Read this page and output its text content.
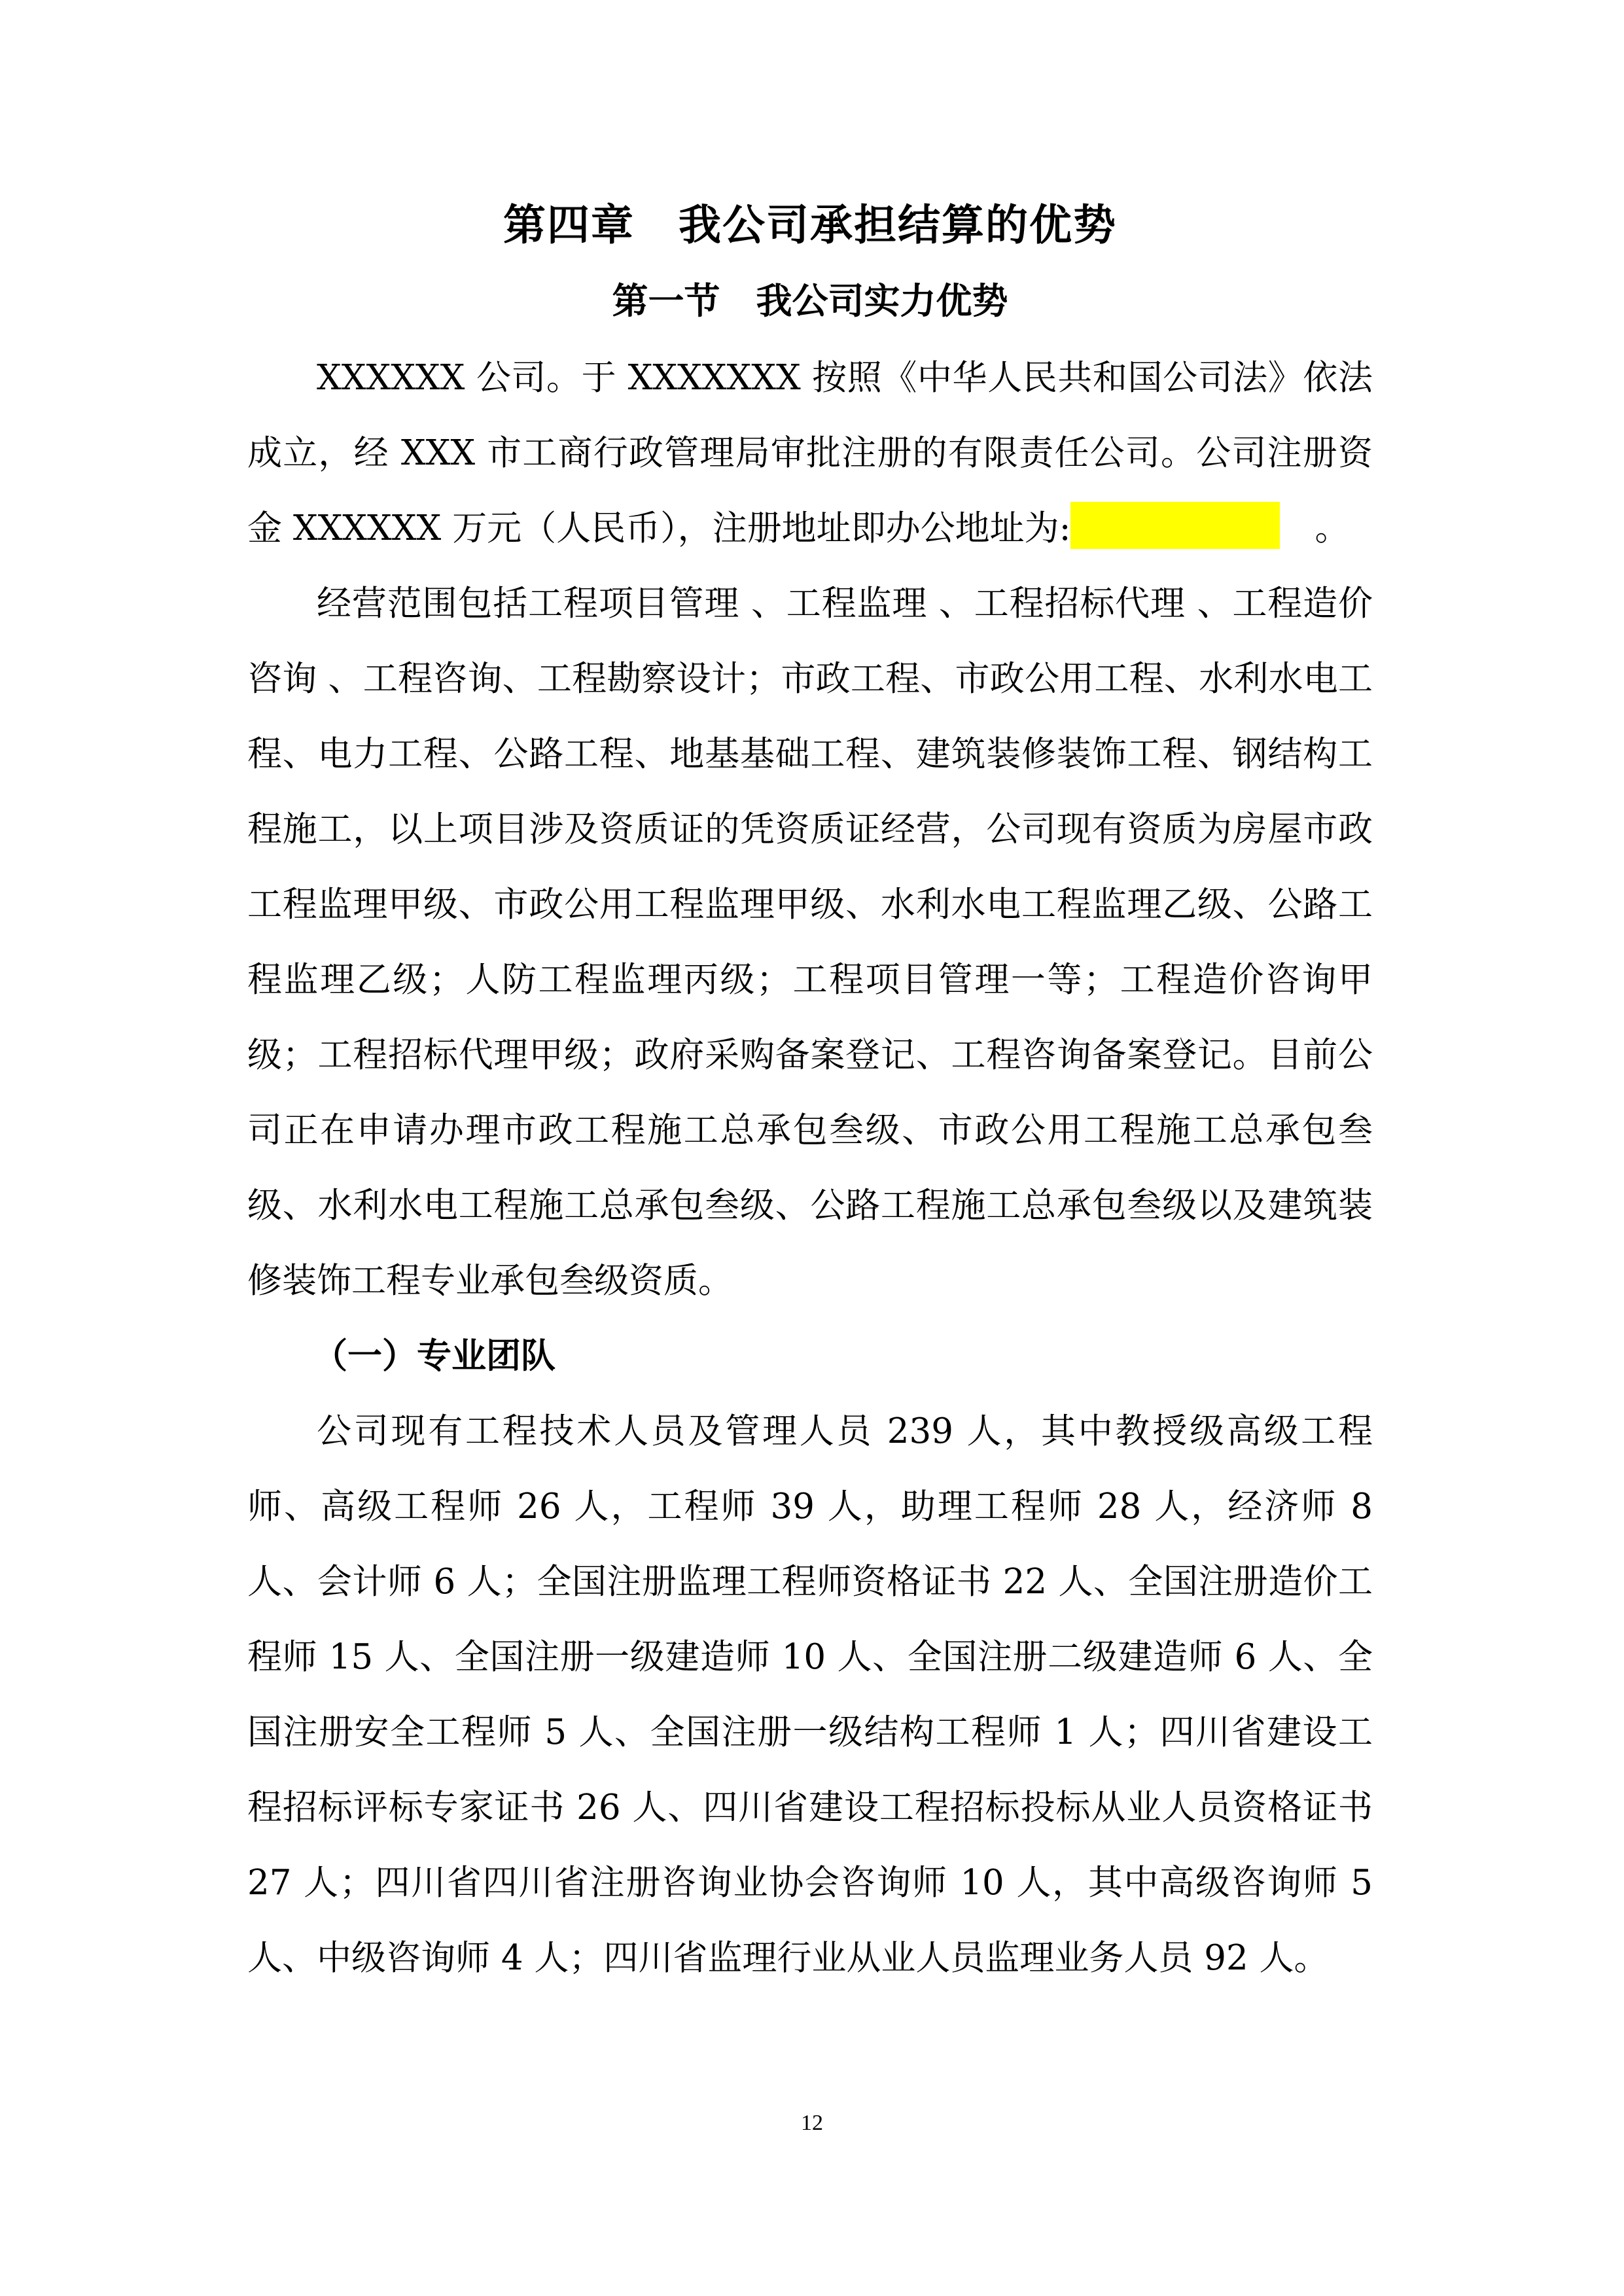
第四章　我公司承担结算的优势
第一节　我公司实力优势

XXXXXX 公司。于 XXXXXXX 按照《中华人民共和国公司法》依法成立，经 XXX 市工商行政管理局审批注册的有限责任公司。公司注册资金 XXXXXX 万元（人民币），注册地址即办公地址为: 	。

经营范围包括工程项目管理 、工程监理 、工程招标代理 、工程造价咨询 、工程咨询、工程勘察设计；市政工程、市政公用工程、水利水电工程、电力工程、公路工程、地基基础工程、建筑装修装饰工程、钢结构工程施工，以上项目涉及资质证的凭资质证经营，公司现有资质为房屋市政工程监理甲级、市政公用工程监理甲级、水利水电工程监理乙级、公路工程监理乙级；人防工程监理丙级；工程项目管理一等；工程造价咨询甲级；工程招标代理甲级；政府采购备案登记、工程咨询备案登记。目前公司正在申请办理市政工程施工总承包叁级、市政公用工程施工总承包叁级、水利水电工程施工总承包叁级、公路工程施工总承包叁级以及建筑装修装饰工程专业承包叁级资质。

（一）专业团队

公司现有工程技术人员及管理人员 239 人，其中教授级高级工程师、高级工程师 26 人，工程师 39 人，助理工程师 28 人，经济师 8 人、会计师 6 人；全国注册监理工程师资格证书 22 人、全国注册造价工程师 15 人、全国注册一级建造师 10 人、全国注册二级建造师 6 人、全国注册安全工程师 5 人、全国注册一级结构工程师 1 人；四川省建设工程招标评标专家证书 26 人、四川省建设工程招标投标从业人员资格证书 27 人；四川省四川省注册咨询业协会咨询师 10 人，其中高级咨询师 5 人、中级咨询师 4 人；四川省监理行业从业人员监理业务人员 92 人。

12
